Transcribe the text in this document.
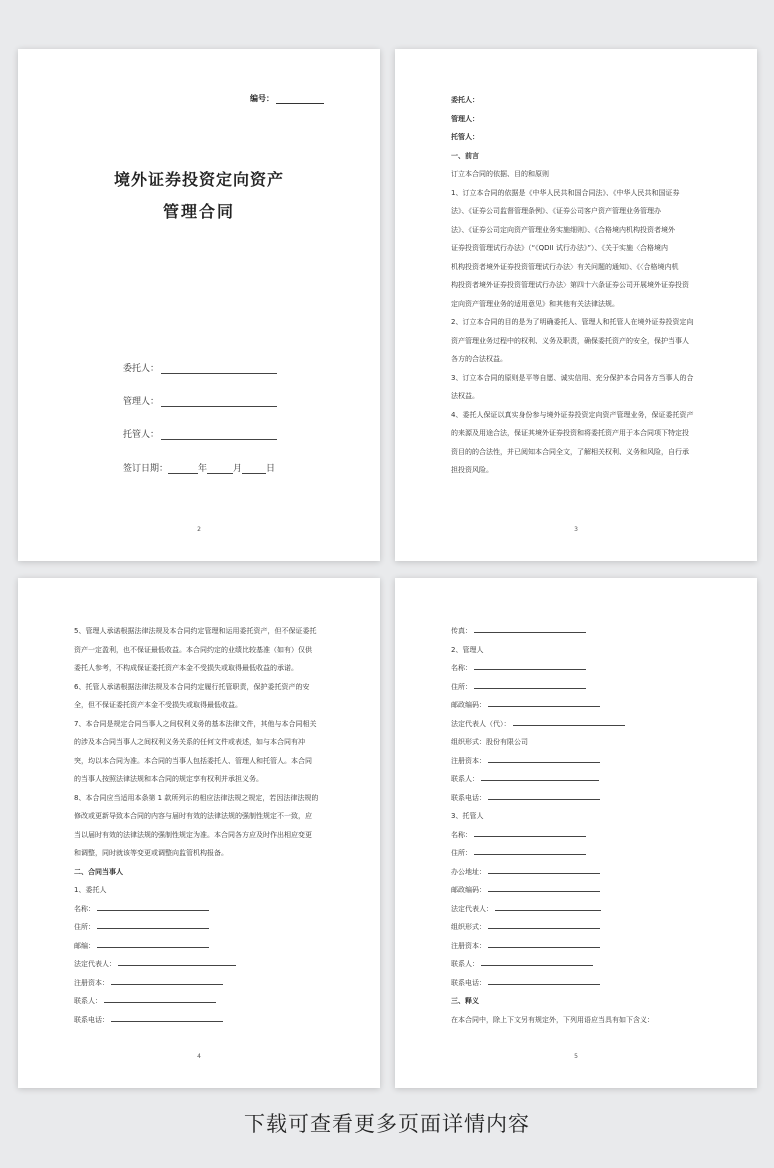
编号：
境外证券投资定向资产
管理合同
委托人：
管理人：
托管人：
签订日期：	年	月	日
2

委托人：

管理人：

托管人：

一、前言

订立本合同的依据、目的和原则

1、订立本合同的依据是《中华人民共和国合同法》、《中华人民共和国证券

法》、《证券公司监督管理条例》、《证券公司客户资产管理业务管理办

法》、《证券公司定向资产管理业务实施细则》、《合格境内机构投资者境外

证券投资管理试行办法》（“《QDII 试行办法》”）、《关于实施〈合格境内

机构投资者境外证券投资管理试行办法〉有关问题的通知》、《〈合格境内机

构投资者境外证券投资管理试行办法〉第四十六条证券公司开展境外证券投资

定向资产管理业务的适用意见》和其他有关法律法规。

2、订立本合同的目的是为了明确委托人、管理人和托管人在境外证券投资定向

资产管理业务过程中的权利、义务及职责，确保委托资产的安全，保护当事人

各方的合法权益。

3、订立本合同的原则是平等自愿、诚实信用、充分保护本合同各方当事人的合

法权益。

4、委托人保证以真实身份参与境外证券投资定向资产管理业务，保证委托资产

的来源及用途合法，保证其境外证券投资和将委托资产用于本合同项下特定投

资目的的合法性，并已阅知本合同全文，了解相关权利、义务和风险，自行承

担投资风险。

3

5、管理人承诺根据法律法规及本合同约定管理和运用委托资产，但不保证委托

资产一定盈利，也不保证最低收益。本合同约定的业绩比较基准（如有）仅供

委托人参考，不构成保证委托资产本金不受损失或取得最低收益的承诺。

6、托管人承诺根据法律法规及本合同约定履行托管职责，保护委托资产的安

全，但不保证委托资产本金不受损失或取得最低收益。

7、本合同是规定合同当事人之间权利义务的基本法律文件，其他与本合同相关

的涉及本合同当事人之间权利义务关系的任何文件或表述，如与本合同有冲

突，均以本合同为准。本合同的当事人包括委托人、管理人和托管人。本合同

的当事人按照法律法规和本合同的规定享有权利并承担义务。

8、本合同应当适用本条第 1 款所列示的相应法律法规之规定，若因法律法规的

修改或更新导致本合同的内容与届时有效的法律法规的强制性规定不一致，应

当以届时有效的法律法规的强制性规定为准。本合同各方应及时作出相应变更

和调整，同时就该等变更或调整向监管机构报备。

二、合同当事人

1、委托人

名称：

住所：

邮编：

法定代表人：

注册资本：

联系人：

联系电话：

4

传真：

2、管理人

名称：

住所：

邮政编码：

法定代表人（代）：

组织形式：股份有限公司

注册资本：

联系人：

联系电话：

3、托管人

名称：

住所：

办公地址：

邮政编码：

法定代表人：

组织形式：

注册资本：

联系人：

联系电话：

三、释义

在本合同中，除上下文另有规定外，下列用语应当具有如下含义：

5
下载可查看更多页面详情内容
